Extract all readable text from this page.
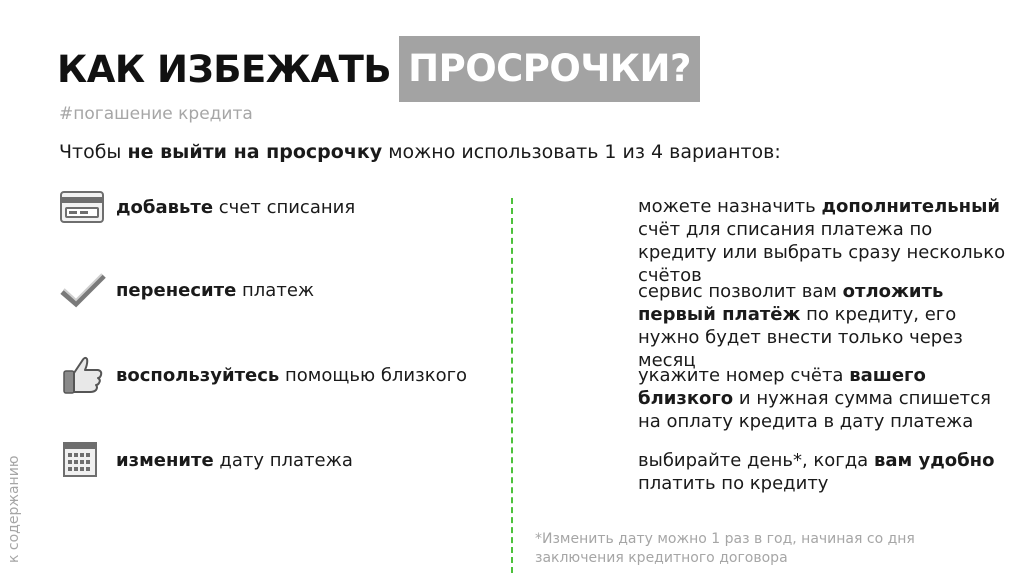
КАК ИЗБЕЖАТЬ ПРОСРОЧКИ?
#погашение кредита
Чтобы не выйти на просрочку можно использовать 1 из 4 вариантов:
добавьте счет списания
перенесите платеж
воспользуйтесь помощью близкого
измените дату платежа
можете назначить дополнительный счёт для списания платежа по кредиту или выбрать сразу несколько счётов
сервис позволит вам отложить первый платёж по кредиту, его нужно будет внести только через месяц
укажите номер счёта вашего близкого и нужная сумма спишется на оплату кредита в дату платежа
выбирайте день*, когда вам удобно платить по кредиту
*Изменить дату можно 1 раз в год, начиная со дня заключения кредитного договора
к содержанию
